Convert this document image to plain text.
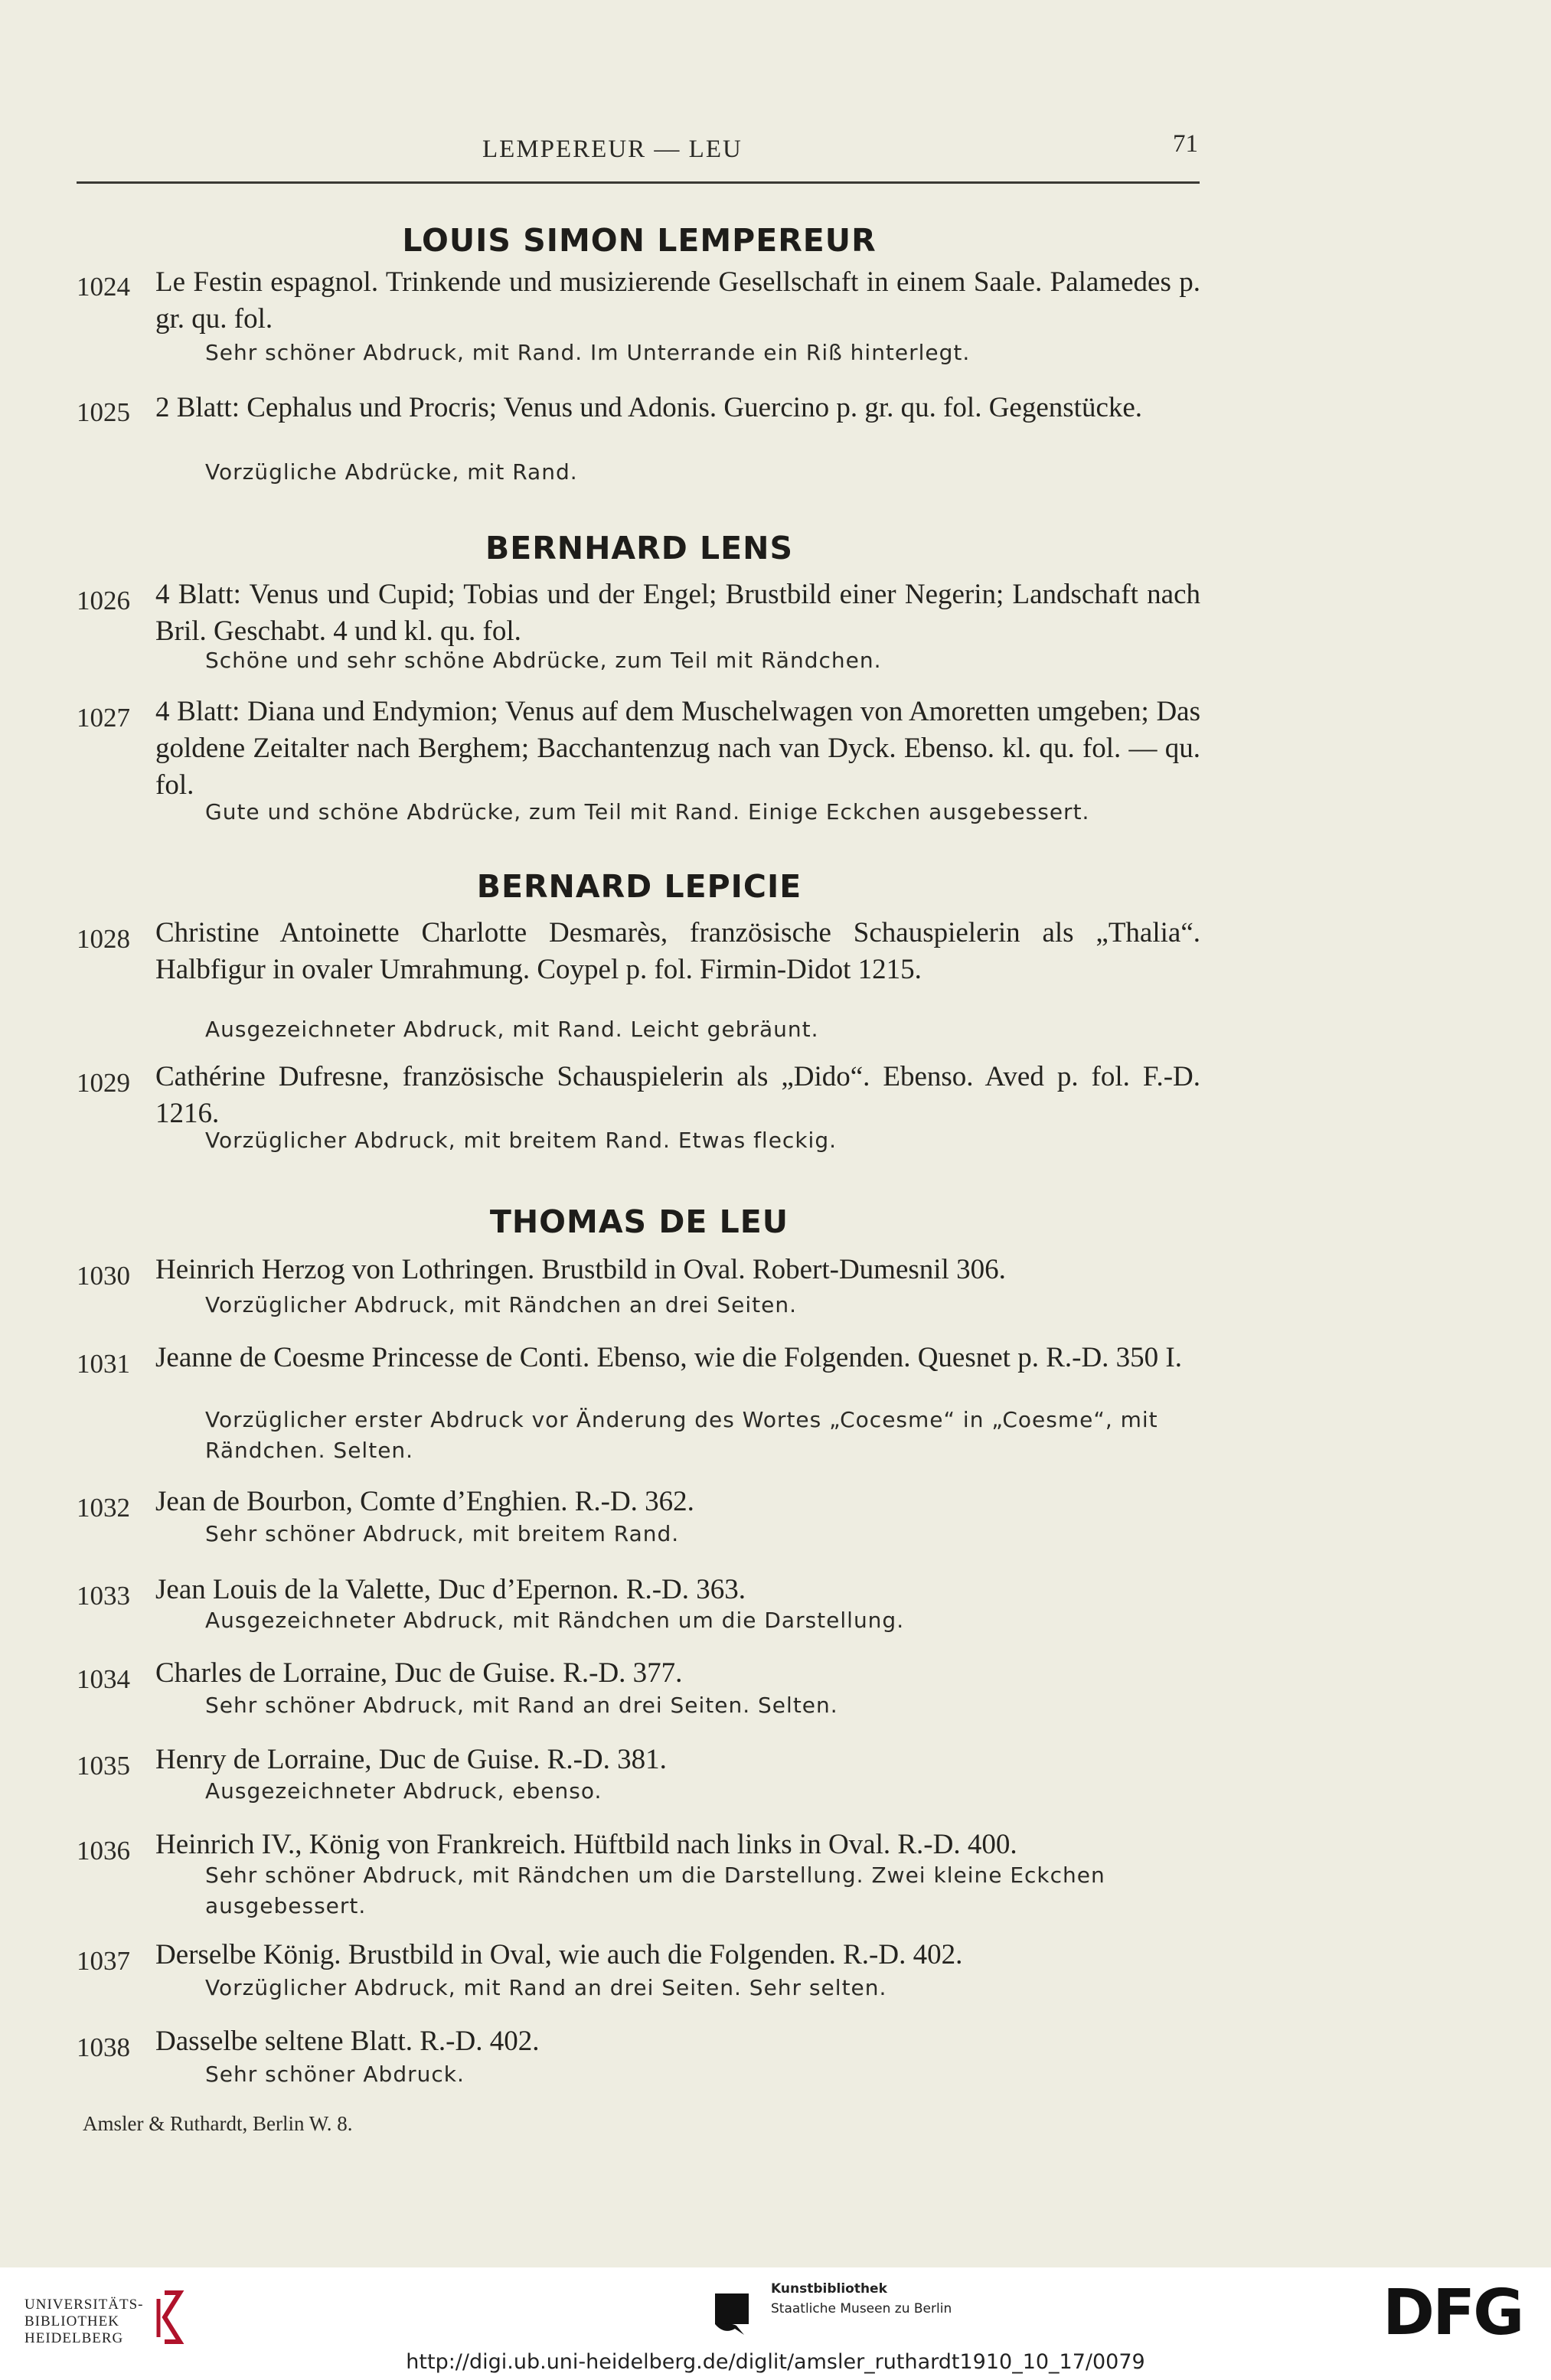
LEMPEREUR — LEU	71
LOUIS SIMON LEMPEREUR
1024 Le Festin espagnol. Trinkende und musizierende Gesellschaft in einem Saale. Palamedes p. gr. qu. fol.
Sehr schöner Abdruck, mit Rand. Im Unterrande ein Riß hinterlegt.
1025 2 Blatt: Cephalus und Procris; Venus und Adonis. Guercino p. gr. qu. fol. Gegenstücke.
Vorzügliche Abdrücke, mit Rand.
BERNHARD LENS
1026 4 Blatt: Venus und Cupid; Tobias und der Engel; Brustbild einer Negerin; Landschaft nach Bril. Geschabt. 4 und kl. qu. fol.
Schöne und sehr schöne Abdrücke, zum Teil mit Rändchen.
1027 4 Blatt: Diana und Endymion; Venus auf dem Muschelwagen von Amoretten umgeben; Das goldene Zeitalter nach Berghem; Bacchantenzug nach van Dyck. Ebenso. kl. qu. fol. — qu. fol.
Gute und schöne Abdrücke, zum Teil mit Rand. Einige Eckchen ausgebessert.
BERNARD LEPICIE
1028 Christine Antoinette Charlotte Desmarès, französische Schauspielerin als „Thalia“. Halbfigur in ovaler Umrahmung. Coypel p. fol. Firmin-Didot 1215.
Ausgezeichneter Abdruck, mit Rand. Leicht gebräunt.
1029 Cathérine Dufresne, französische Schauspielerin als „Dido“. Ebenso. Aved p. fol. F.-D. 1216.
Vorzüglicher Abdruck, mit breitem Rand. Etwas fleckig.
THOMAS DE LEU
1030 Heinrich Herzog von Lothringen. Brustbild in Oval. Robert-Dumesnil 306.
Vorzüglicher Abdruck, mit Rändchen an drei Seiten.
1031 Jeanne de Coesme Princesse de Conti. Ebenso, wie die Folgenden. Quesnet p. R.-D. 350 I.
Vorzüglicher erster Abdruck vor Änderung des Wortes „Cocesme“ in „Coesme“, mit Rändchen. Selten.
1032 Jean de Bourbon, Comte d’Enghien. R.-D. 362.
Sehr schöner Abdruck, mit breitem Rand.
1033 Jean Louis de la Valette, Duc d’Epernon. R.-D. 363.
Ausgezeichneter Abdruck, mit Rändchen um die Darstellung.
1034 Charles de Lorraine, Duc de Guise. R.-D. 377.
Sehr schöner Abdruck, mit Rand an drei Seiten. Selten.
1035 Henry de Lorraine, Duc de Guise. R.-D. 381.
Ausgezeichneter Abdruck, ebenso.
1036 Heinrich IV., König von Frankreich. Hüftbild nach links in Oval. R.-D. 400.
Sehr schöner Abdruck, mit Rändchen um die Darstellung. Zwei kleine Eckchen ausgebessert.
1037 Derselbe König. Brustbild in Oval, wie auch die Folgenden. R.-D. 402.
Vorzüglicher Abdruck, mit Rand an drei Seiten. Sehr selten.
1038 Dasselbe seltene Blatt. R.-D. 402.
Sehr schöner Abdruck.
Amsler & Ruthardt, Berlin W. 8.
UNIVERSITÄTS-
BIBLIOTHEK
HEIDELBERG
Kunstbibliothek
Staatliche Museen zu Berlin	DFG
http://digi.ub.uni-heidelberg.de/diglit/amsler_ruthardt1910_10_17/0079
